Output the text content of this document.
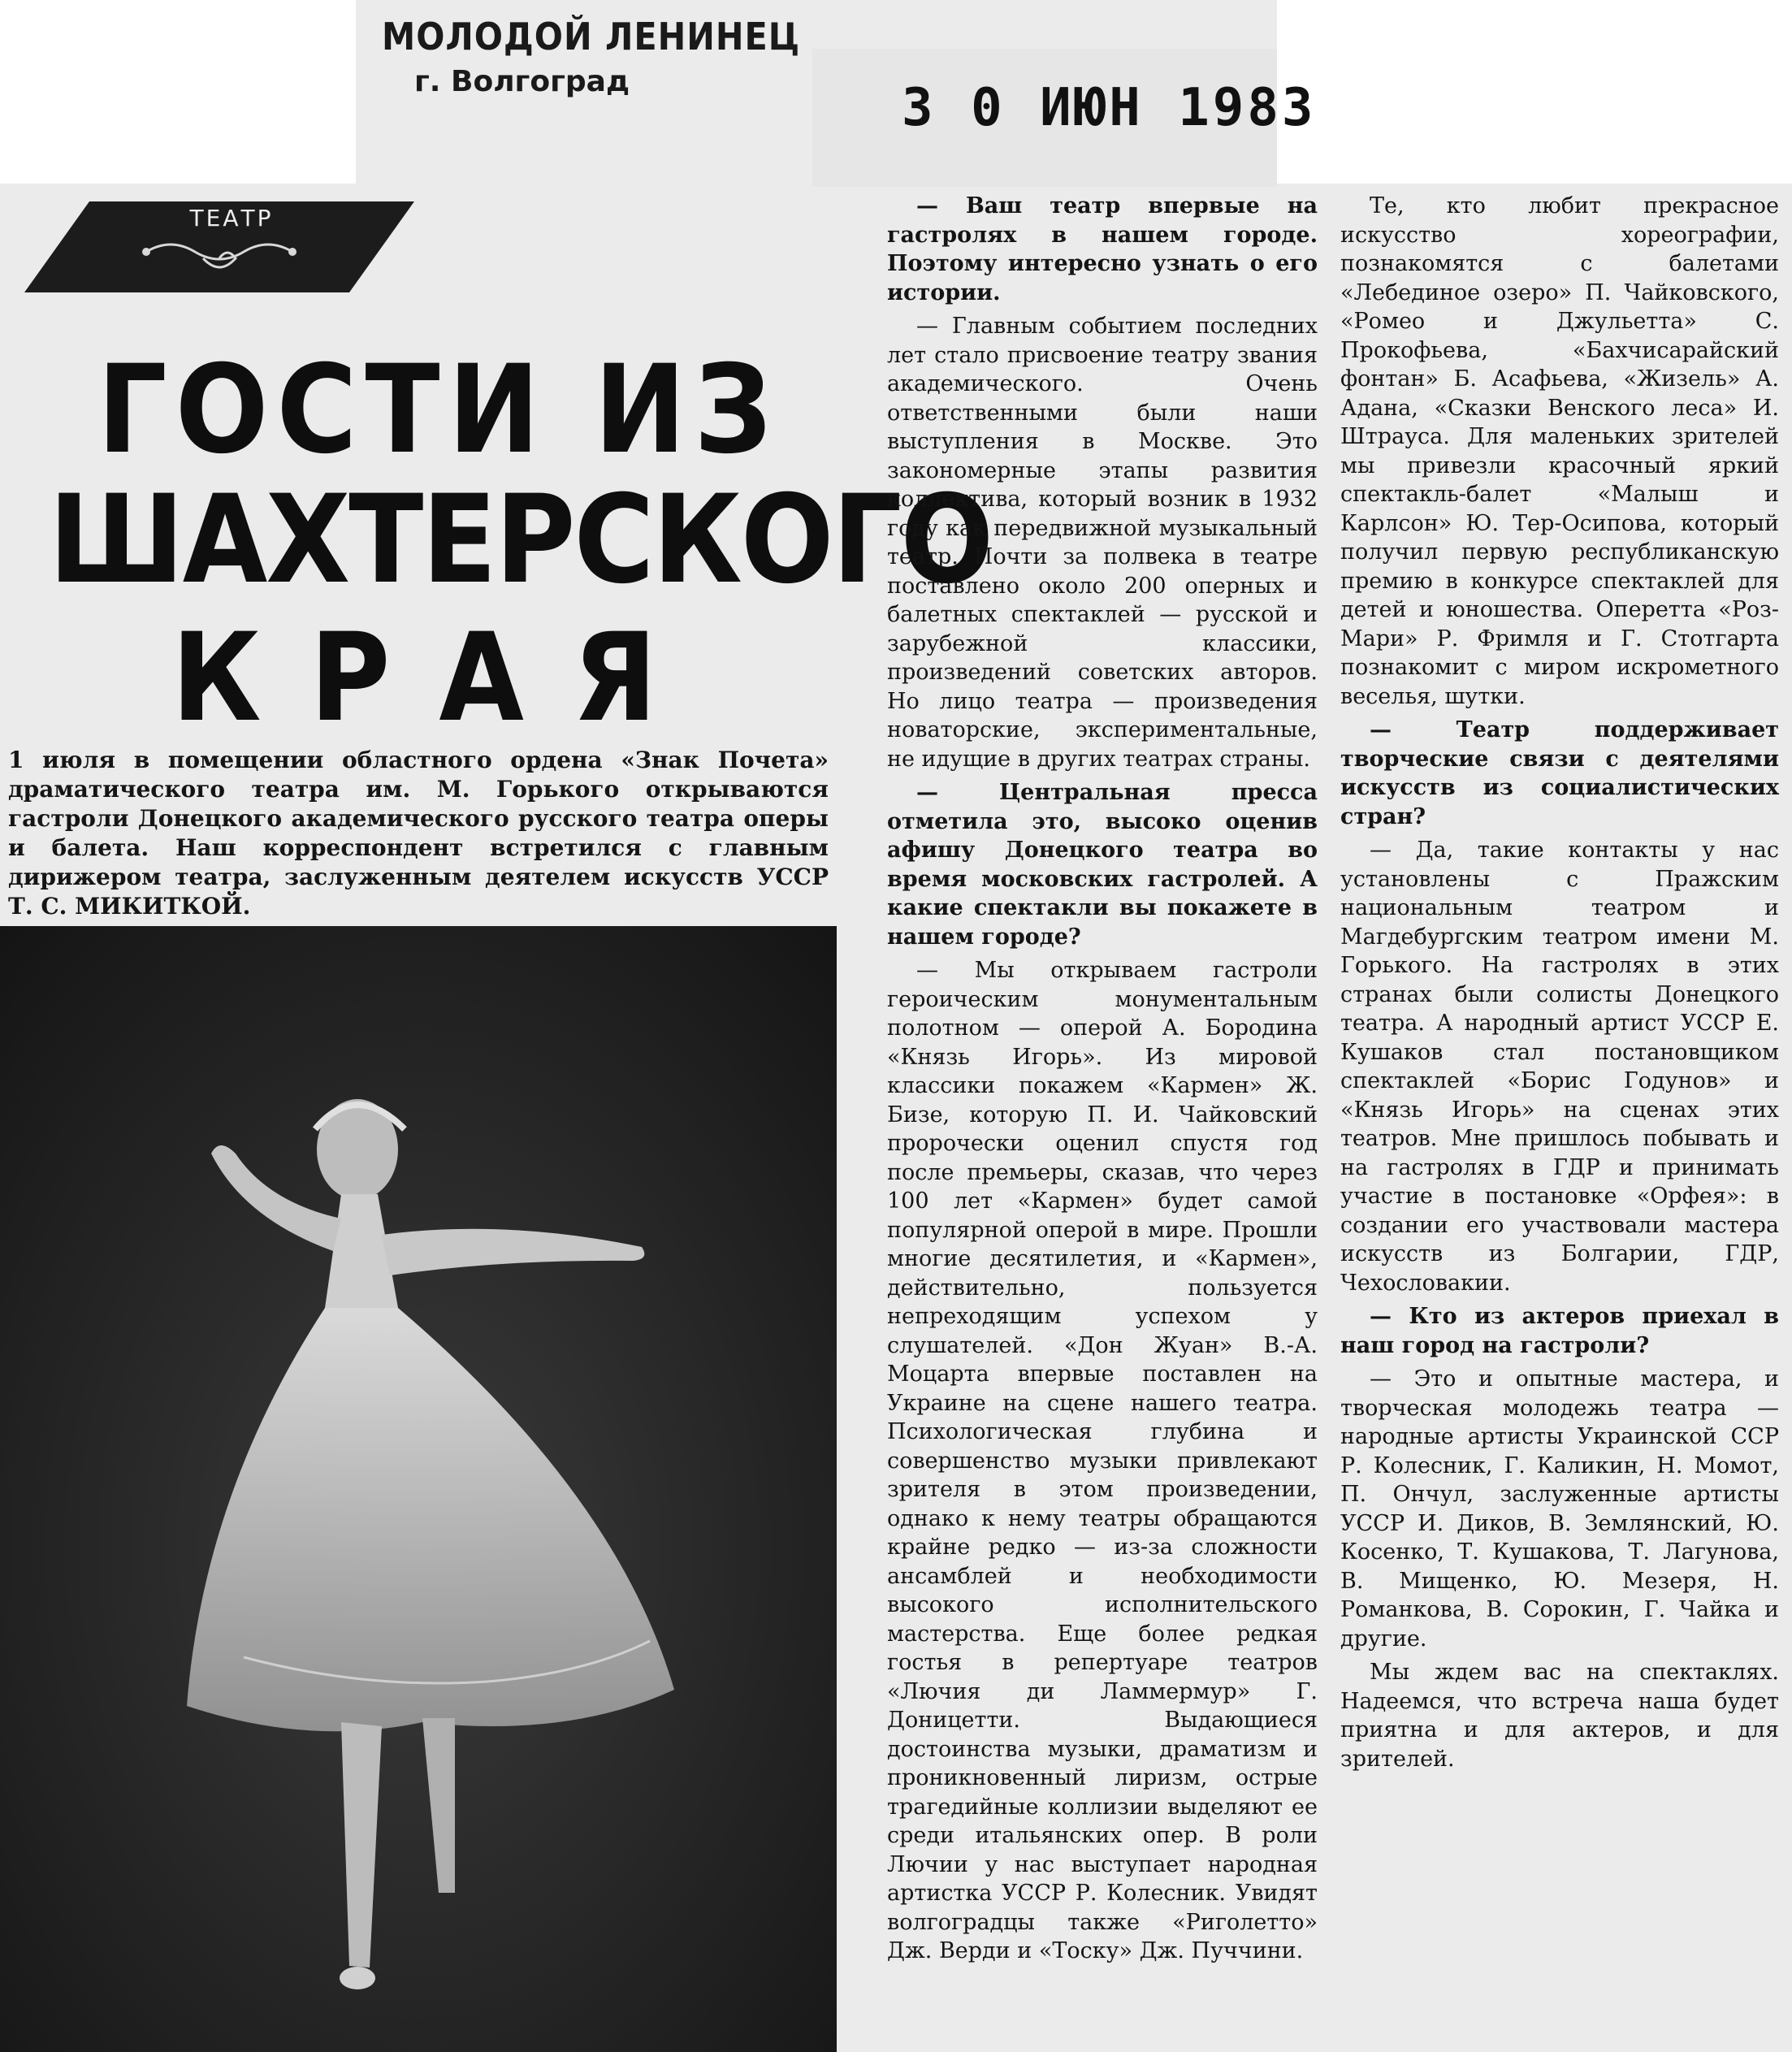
МОЛОДОЙ ЛЕНИНЕЦ
г. Волгоград	3 0 ИЮН 1983
ТЕАТР
ГОСТИ ИЗ
ШАХТЕРСКОГО
КРАЯ
1 июля в помещении областного ордена «Знак Почета» драматического театра им. М. Горького открываются гастроли Донецкого академического русского театра оперы и балета. Наш корреспондент встретился с главным дирижером театра, заслуженным деятелем искусств УССР Т. С. МИКИТКОЙ.

— Ваш театр впервые на гастролях в нашем городе. Поэтому интересно узнать о его истории.

— Главным событием последних лет стало присвоение театру звания академического. Очень ответственными были наши выступления в Москве. Это закономерные этапы развития коллектива, который возник в 1932 году как передвижной музыкальный театр. Почти за полвека в театре поставлено около 200 оперных и балетных спектаклей — русской и зарубежной классики, произведений советских авторов. Но лицо театра — произведения новаторские, экспериментальные, не идущие в других театрах страны.

— Центральная пресса отметила это, высоко оценив афишу Донецкого театра во время московских гастролей. А какие спектакли вы покажете в нашем городе?

— Мы открываем гастроли героическим монументальным полотном — оперой А. Бородина «Князь Игорь». Из мировой классики покажем «Кармен» Ж. Бизе, которую П. И. Чайковский пророчески оценил спустя год после премьеры, сказав, что через 100 лет «Кармен» будет самой популярной оперой в мире. Прошли многие десятилетия, и «Кармен», действительно, пользуется непреходящим успехом у слушателей. «Дон Жуан» В.-А. Моцарта впервые поставлен на Украине на сцене нашего театра. Психологическая глубина и совершенство музыки привлекают зрителя в этом произведении, однако к нему театры обращаются крайне редко — из-за сложности ансамблей и необходимости высокого исполнительского мастерства. Еще более редкая гостья в репертуаре театров «Лючия ди Ламмермур» Г. Доницетти. Выдающиеся достоинства музыки, драматизм и проникновенный лиризм, острые трагедийные коллизии выделяют ее среди итальянских опер. В роли Лючии у нас выступает народная артистка УССР Р. Колесник. Увидят волгоградцы также «Риголетто» Дж. Верди и «Тоску» Дж. Пуччини.

Те, кто любит прекрасное искусство хореографии, познакомятся с балетами «Лебединое озеро» П. Чайковского, «Ромео и Джульетта» С. Прокофьева, «Бахчисарайский фонтан» Б. Асафьева, «Жизель» А. Адана, «Сказки Венского леса» И. Штрауса. Для маленьких зрителей мы привезли красочный яркий спектакль-балет «Малыш и Карлсон» Ю. Тер-Осипова, который получил первую республиканскую премию в конкурсе спектаклей для детей и юношества. Оперетта «Роз-Мари» Р. Фримля и Г. Стотгарта познакомит с миром искрометного веселья, шутки.

— Театр поддерживает творческие связи с деятелями искусств из социалистических стран?

— Да, такие контакты у нас установлены с Пражским национальным театром и Магдебургским театром имени М. Горького. На гастролях в этих странах были солисты Донецкого театра. А народный артист УССР Е. Кушаков стал постановщиком спектаклей «Борис Годунов» и «Князь Игорь» на сценах этих театров. Мне пришлось побывать и на гастролях в ГДР и принимать участие в постановке «Орфея»: в создании его участвовали мастера искусств из Болгарии, ГДР, Чехословакии.

— Кто из актеров приехал в наш город на гастроли?

— Это и опытные мастера, и творческая молодежь театра — народные артисты Украинской ССР Р. Колесник, Г. Каликин, Н. Момот, П. Ончул, заслуженные артисты УССР И. Диков, В. Землянский, Ю. Косенко, Т. Кушакова, Т. Лагунова, В. Мищенко, Ю. Мезеря, Н. Романкова, В. Сорокин, Г. Чайка и другие.

Мы ждем вас на спектаклях. Надеемся, что встреча наша будет приятна и для актеров, и для зрителей.
